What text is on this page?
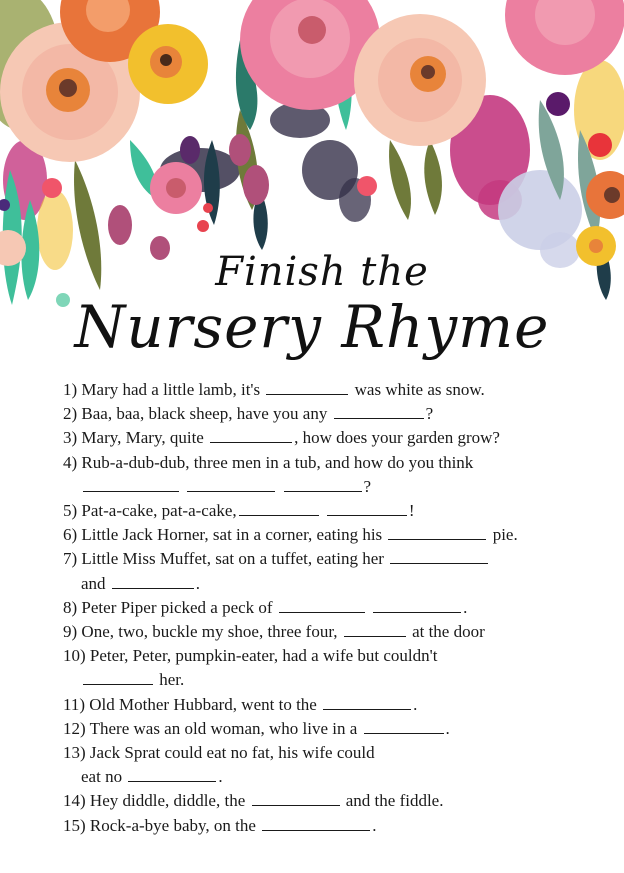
Finish the
Nursery Rhyme
1) Mary had a little lamb, it's	was white as snow.
2) Baa, baa, black sheep, have you any	?
3) Mary, Mary, quite	, how does your garden grow?
4) Rub-a-dub-dub, three men in a tub, and how do you think
?
5) Pat-a-cake, pat-a-cake,	!
6) Little Jack Horner, sat in a corner, eating his	pie.
7) Little Miss Muffet, sat on a tuffet, eating her
and	.
8) Peter Piper picked a peck of	.
9) One, two, buckle my shoe, three four,	at the door
10) Peter, Peter, pumpkin-eater, had a wife but couldn't
her.
11) Old Mother Hubbard, went to the	.
12) There was an old woman, who live in a	.
13) Jack Sprat could eat no fat, his wife could
eat no	.
14) Hey diddle, diddle, the	and the fiddle.
15) Rock-a-bye baby, on the	.
